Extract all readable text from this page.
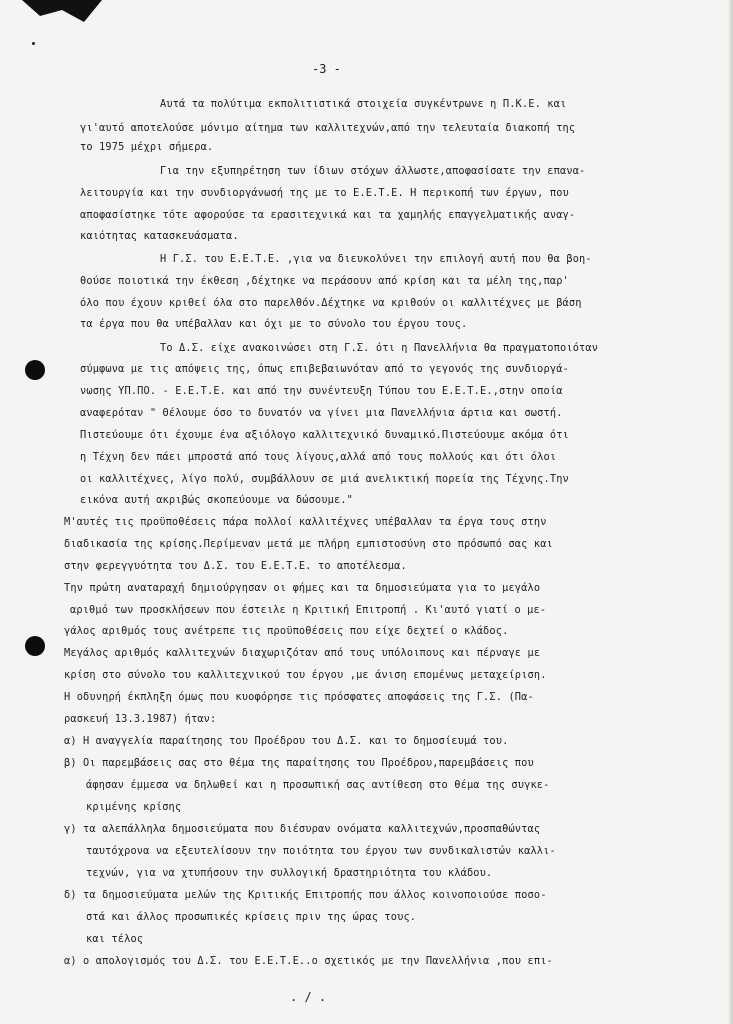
-3 -
Αυτά τα πολύτιμα εκπολιτιστικά στοιχεία συγκέντρωνε η Π.Κ.Ε. και
γι'αυτό αποτελούσε μόνιμο αίτημα των καλλιτεχνών,από την τελευταία διακοπή της
το 1975 μέχρι σήμερα.
Για την εξυπηρέτηση των ίδιων στόχων άλλωστε,αποφασίσατε την επανα-
λειτουργία και την συνδιοργάνωσή της με το Ε.Ε.Τ.Ε. Η περικοπή των έργων, που
αποφασίστηκε τότε αφορούσε τα ερασιτεχνικά και τα χαμηλής επαγγελματικής αναγ-
καιότητας κατασκευάσματα.
Η Γ.Σ. του Ε.Ε.Τ.Ε. ,για να διευκολύνει την επιλογή αυτή που θα βοη-
θούσε ποιοτικά την έκθεση ,δέχτηκε να περάσουν από κρίση και τα μέλη της,παρ'
όλο που έχουν κριθεί όλα στο παρελθόν.Δέχτηκε να κριθούν οι καλλιτέχνες με βάση
τα έργα που θα υπέβαλλαν και όχι με το σύνολο του έργου τους.
Το Δ.Σ. είχε ανακοινώσει στη Γ.Σ. ότι η Πανελλήνια θα πραγματοποιόταν
σύμφωνα με τις απόψεις της, όπως επιβεβαιωνόταν από το γεγονός της συνδιοργά-
νωσης ΥΠ.ΠΟ. - Ε.Ε.Τ.Ε. και από την συνέντευξη Τύπου του Ε.Ε.Τ.Ε.,στην οποία
αναφερόταν " Θέλουμε όσο το δυνατόν να γίνει μια Πανελλήνια άρτια και σωστή.
Πιστεύουμε ότι έχουμε ένα αξιόλογο καλλιτεχνικό δυναμικό.Πιστεύουμε ακόμα ότι
η Τέχνη δεν πάει μπροστά από τους λίγους,αλλά από τους πολλούς και ότι όλοι
οι καλλιτέχνες, λίγο πολύ, συμβάλλουν σε μιά ανελικτική πορεία της Τέχνης.Την
εικόνα αυτή ακριβώς σκοπεύουμε να δώσουμε."
Μ'αυτές τις προϋποθέσεις πάρα πολλοί καλλιτέχνες υπέβαλλαν τα έργα τους στην
διαδικασία της κρίσης.Περίμεναν μετά με πλήρη εμπιστοσύνη στο πρόσωπό σας και
στην φερεγγυότητα του Δ.Σ. του Ε.Ε.Τ.Ε. το αποτέλεσμα.
Την πρώτη αναταραχή δημιούργησαν οι φήμες και τα δημοσιεύματα για το μεγάλο
αριθμό των προσκλήσεων που έστειλε η Κριτική Επιτροπή . Κι'αυτό γιατί ο με-
γάλος αριθμός τους ανέτρεπε τις προϋποθέσεις που είχε δεχτεί ο κλάδος.
Μεγάλος αριθμός καλλιτεχνών διαχωριζόταν από τους υπόλοιπους και πέρναγε με
κρίση στο σύνολο του καλλιτεχνικού του έργου ,με άνιση επομένως μεταχείριση.
Η οδυνηρή έκπληξη όμως που κυοφόρησε τις πρόσφατες αποφάσεις της Γ.Σ. (Πα-
ρασκευή 13.3.1987) ήταν:
α) Η αναγγελία παραίτησης του Προέδρου του Δ.Σ. και το δημοσίευμά του.
β) Οι παρεμβάσεις σας στο θέμα της παραίτησης του Προέδρου,παρεμβάσεις που
άφησαν έμμεσα να δηλωθεί και η προσωπική σας αντίθεση στο θέμα της συγκε-
κριμένης κρίσης
γ) τα αλεπάλληλα δημοσιεύματα που διέσυραν ονόματα καλλιτεχνών,προσπαθώντας
ταυτόχρονα να εξευτελίσουν την ποιότητα του έργου των συνδικαλιστών καλλι-
τεχνών, για να χτυπήσουν την συλλογική δραστηριότητα του κλάδου.
δ) τα δημοσιεύματα μελών της Κριτικής Επιτροπής που άλλος κοινοποιούσε ποσο-
στά και άλλος προσωπικές κρίσεις πριν της ώρας τους.
και τέλος
α) ο απολογισμός του Δ.Σ. του Ε.Ε.Τ.Ε..ο σχετικός με την Πανελλήνια ,που επι-
. / .
